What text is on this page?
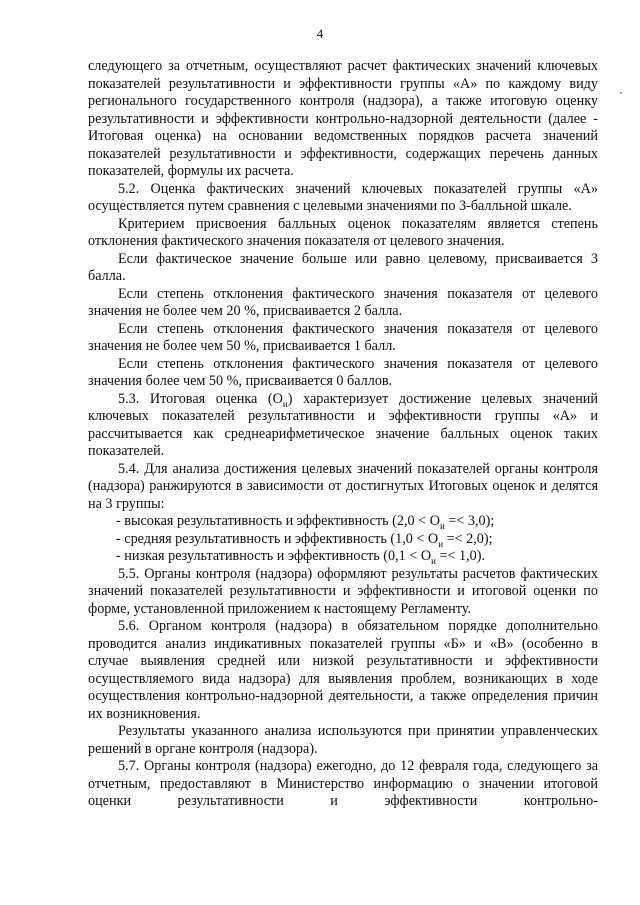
4

следующего за отчетным, осуществляют расчет фактических значений ключевых показателей результативности и эффективности группы «А» по каждому виду регионального государственного контроля (надзора), а также итоговую оценку результативности и эффективности контрольно-надзорной деятельности (далее - Итоговая оценка) на основании ведомственных порядков расчета значений показателей результативности и эффективности, содержащих перечень данных показателей, формулы их расчета.

5.2. Оценка фактических значений ключевых показателей группы «А» осуществляется путем сравнения с целевыми значениями по 3-балльной шкале.

Критерием присвоения балльных оценок показателям является степень отклонения фактического значения показателя от целевого значения.

Если фактическое значение больше или равно целевому, присваивается 3 балла.

Если степень отклонения фактического значения показателя от целевого значения не более чем 20 %, присваивается 2 балла.

Если степень отклонения фактического значения показателя от целевого значения не более чем 50 %, присваивается 1 балл.

Если степень отклонения фактического значения показателя от целевого значения более чем 50 %, присваивается 0 баллов.

5.3. Итоговая оценка $(О_и)$ характеризует достижение целевых значений ключевых показателей результативности и эффективности группы «А» и рассчитывается как среднеарифметическое значение балльных оценок таких показателей.

5.4. Для анализа достижения целевых значений показателей органы контроля (надзора) ранжируются в зависимости от достигнутых Итоговых оценок и делятся на 3 группы:

- высокая результативность и эффективность $(2,0 < О_и =< 3,0)$;

- средняя результативность и эффективность $(1,0 < О_и =< 2,0)$;

- низкая результативность и эффективность $(0,1 < О_и =< 1,0)$.

5.5. Органы контроля (надзора) оформляют результаты расчетов фактических значений показателей результативности и эффективности и итоговой оценки по форме, установленной приложением к настоящему Регламенту.

5.6. Органом контроля (надзора) в обязательном порядке дополнительно проводится анализ индикативных показателей группы «Б» и «В» (особенно в случае выявления средней или низкой результативности и эффективности осуществляемого вида надзора) для выявления проблем, возникающих в ходе осуществления контрольно-надзорной деятельности, а также определения причин их возникновения.

Результаты указанного анализа используются при принятии управленческих решений в органе контроля (надзора).

5.7. Органы контроля (надзора) ежегодно, до 12 февраля года, следующего за отчетным, предоставляют в Министерство информацию о значении итоговой оценки результативности и эффективности контрольно-
